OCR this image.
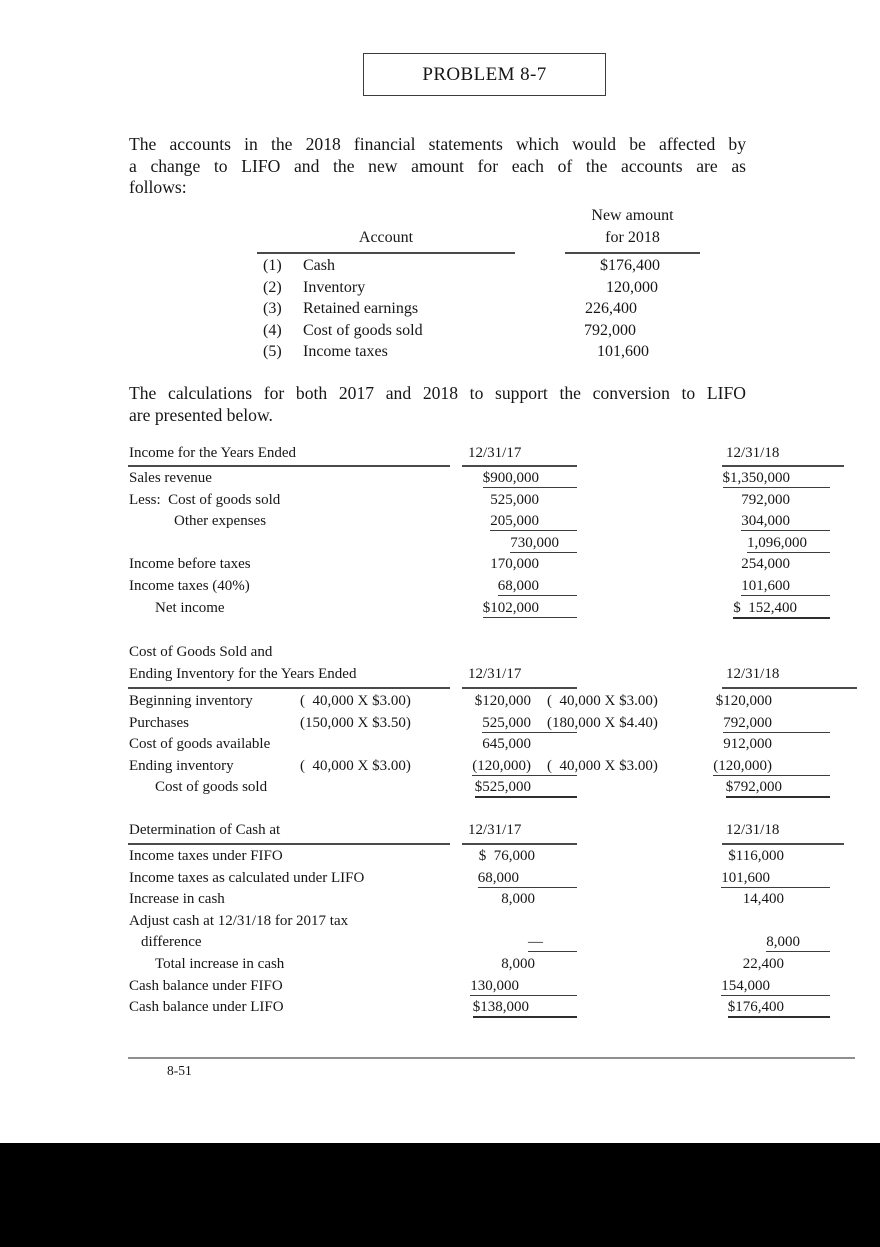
PROBLEM 8-7
The accounts in the 2018 financial statements which would be affected by
a change to LIFO and the new amount for each of the accounts are as
follows:
New amount
Account	for 2018
(1) Cash	$176,400
(2) Inventory	120,000
(3) Retained earnings	226,400
(4) Cost of goods sold	792,000
(5) Income taxes	101,600
The calculations for both 2017 and 2018 to support the conversion to LIFO
are presented below.
Income for the Years Ended	12/31/17	12/31/18
Sales revenue	$900,000	$1,350,000
Less:  Cost of goods sold	525,000	792,000
Other expenses	205,000	304,000
730,000	1,096,000
Income before taxes	170,000	254,000
Income taxes (40%)	68,000	101,600
Net income	$102,000	$  152,400
Cost of Goods Sold and
Ending Inventory for the Years Ended	12/31/17	12/31/18
Beginning inventory	(  40,000 X $3.00)	$120,000	(  40,000 X $3.00)	$120,000
Purchases	(150,000 X $3.50)	525,000	(180,000 X $4.40)	792,000
Cost of goods available	645,000	912,000
Ending inventory	(  40,000 X $3.00)	(120,000)	(  40,000 X $3.00)	(120,000)
Cost of goods sold	$525,000	$792,000
Determination of Cash at	12/31/17	12/31/18
Income taxes under FIFO	$  76,000	$116,000
Income taxes as calculated under LIFO	68,000	101,600
Increase in cash	8,000	14,400
Adjust cash at 12/31/18 for 2017 tax
difference	—	8,000
Total increase in cash	8,000	22,400
Cash balance under FIFO	130,000	154,000
Cash balance under LIFO	$138,000	$176,400
8-51
